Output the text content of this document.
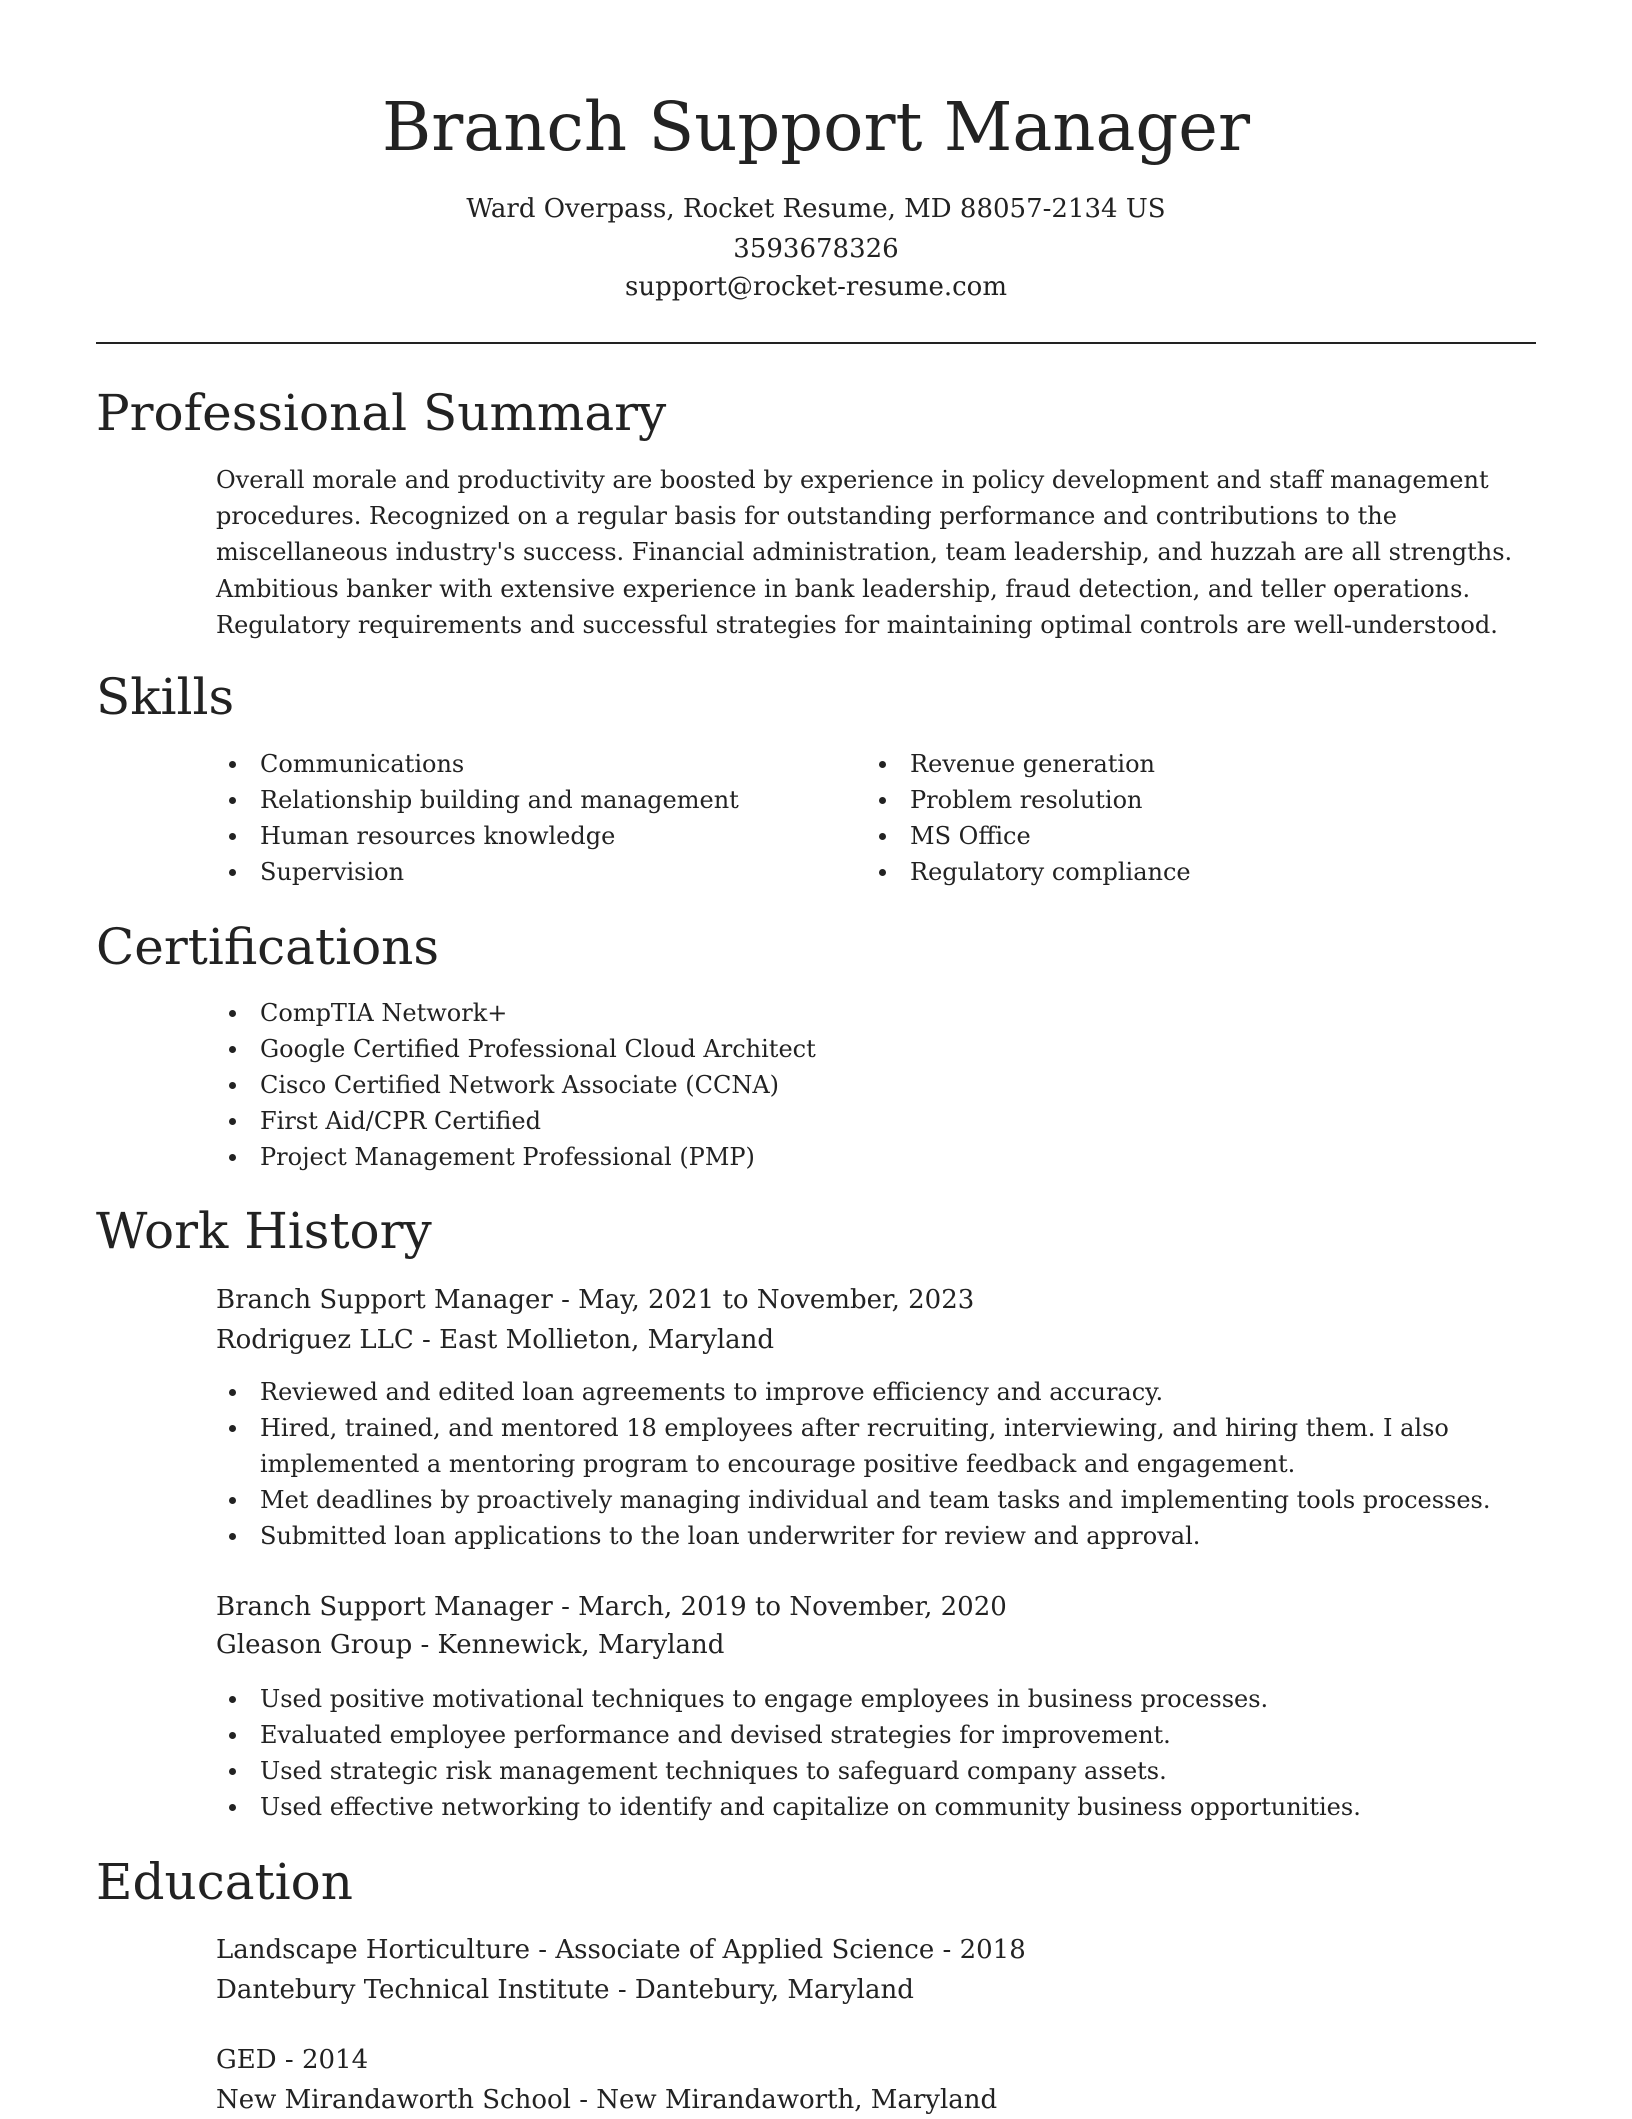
Branch Support Manager
Ward Overpass, Rocket Resume, MD 88057-2134 US
3593678326
support@rocket-resume.com
Professional Summary

Overall morale and productivity are boosted by experience in policy development and staff management procedures. Recognized on a regular basis for outstanding performance and contributions to the miscellaneous industry's success. Financial administration, team leadership, and huzzah are all strengths. Ambitious banker with extensive experience in bank leadership, fraud detection, and teller operations. Regulatory requirements and successful strategies for maintaining optimal controls are well-understood.

Skills
Communications
Relationship building and management
Human resources knowledge
Supervision
Revenue generation
Problem resolution
MS Office
Regulatory compliance
Certifications
CompTIA Network+
Google Certified Professional Cloud Architect
Cisco Certified Network Associate (CCNA)
First Aid/CPR Certified
Project Management Professional (PMP)
Work History
Branch Support Manager - May, 2021 to November, 2023
Rodriguez LLC - East Mollieton, Maryland
Reviewed and edited loan agreements to improve efficiency and accuracy.
Hired, trained, and mentored 18 employees after recruiting, interviewing, and hiring them. I also implemented a mentoring program to encourage positive feedback and engagement.
Met deadlines by proactively managing individual and team tasks and implementing tools processes.
Submitted loan applications to the loan underwriter for review and approval.
Branch Support Manager - March, 2019 to November, 2020
Gleason Group - Kennewick, Maryland
Used positive motivational techniques to engage employees in business processes.
Evaluated employee performance and devised strategies for improvement.
Used strategic risk management techniques to safeguard company assets.
Used effective networking to identify and capitalize on community business opportunities.
Education
Landscape Horticulture - Associate of Applied Science - 2018
Dantebury Technical Institute - Dantebury, Maryland
GED - 2014
New Mirandaworth School - New Mirandaworth, Maryland
